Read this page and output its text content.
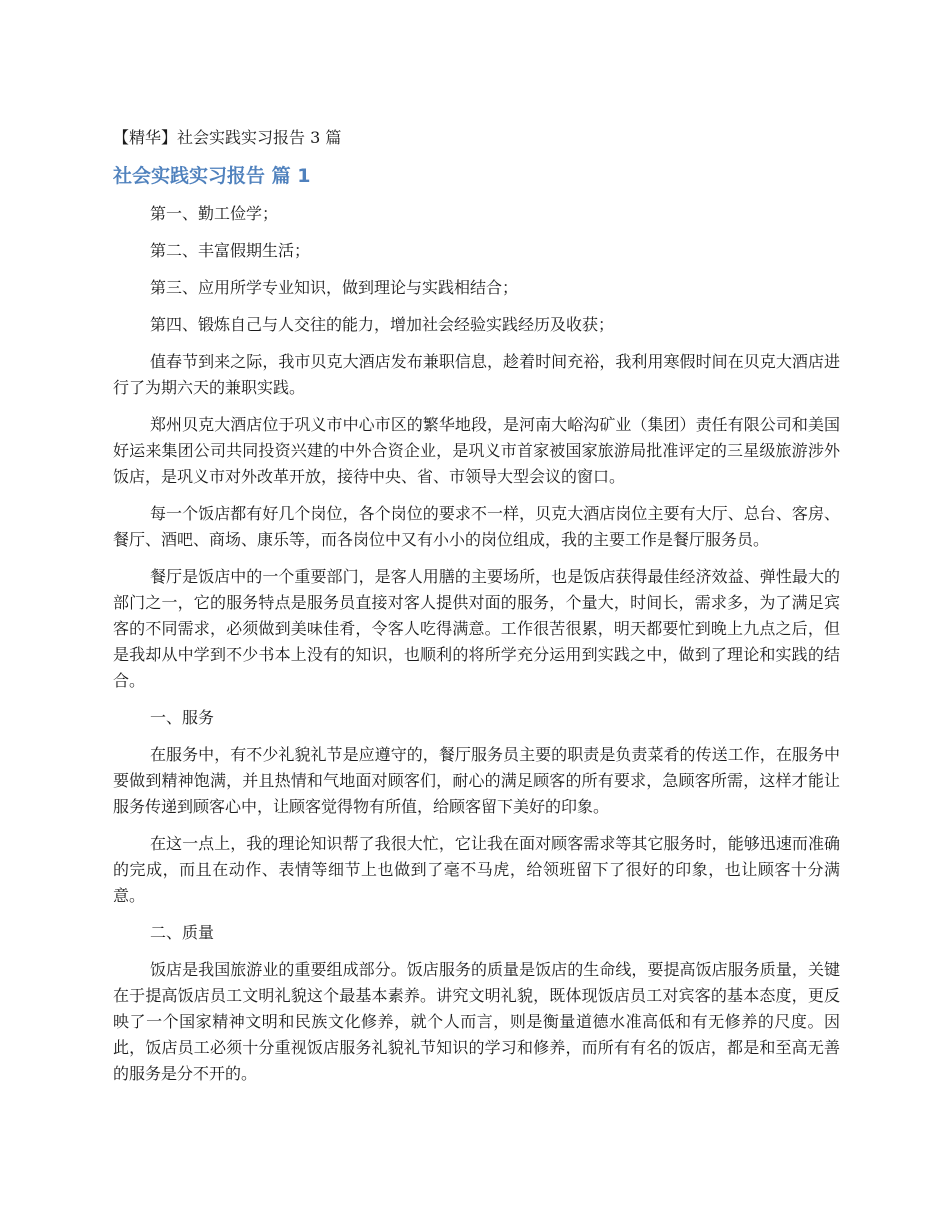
【精华】社会实践实习报告 3 篇
社会实践实习报告 篇 1

第一、勤工俭学；

第二、丰富假期生活；

第三、应用所学专业知识，做到理论与实践相结合；

第四、锻炼自己与人交往的能力，增加社会经验实践经历及收获；

值春节到来之际，我市贝克大酒店发布兼职信息，趁着时间充裕，我利用寒假时间在贝克大酒店进行了为期六天的兼职实践。

郑州贝克大酒店位于巩义市中心市区的繁华地段，是河南大峪沟矿业（集团）责任有限公司和美国好运来集团公司共同投资兴建的中外合资企业，是巩义市首家被国家旅游局批准评定的三星级旅游涉外饭店，是巩义市对外改革开放，接待中央、省、市领导大型会议的窗口。

每一个饭店都有好几个岗位，各个岗位的要求不一样，贝克大酒店岗位主要有大厅、总台、客房、餐厅、酒吧、商场、康乐等，而各岗位中又有小小的岗位组成，我的主要工作是餐厅服务员。

餐厅是饭店中的一个重要部门，是客人用膳的主要场所，也是饭店获得最佳经济效益、弹性最大的部门之一，它的服务特点是服务员直接对客人提供对面的服务，个量大，时间长，需求多，为了满足宾客的不同需求，必须做到美味佳肴，令客人吃得满意。工作很苦很累，明天都要忙到晚上九点之后，但是我却从中学到不少书本上没有的知识，也顺利的将所学充分运用到实践之中，做到了理论和实践的结合。

一、服务

在服务中，有不少礼貌礼节是应遵守的，餐厅服务员主要的职责是负责菜肴的传送工作，在服务中要做到精神饱满，并且热情和气地面对顾客们，耐心的满足顾客的所有要求，急顾客所需，这样才能让服务传递到顾客心中，让顾客觉得物有所值，给顾客留下美好的印象。

在这一点上，我的理论知识帮了我很大忙，它让我在面对顾客需求等其它服务时，能够迅速而准确的完成，而且在动作、表情等细节上也做到了毫不马虎，给领班留下了很好的印象，也让顾客十分满意。

二、质量

饭店是我国旅游业的重要组成部分。饭店服务的质量是饭店的生命线，要提高饭店服务质量，关键在于提高饭店员工文明礼貌这个最基本素养。讲究文明礼貌，既体现饭店员工对宾客的基本态度，更反映了一个国家精神文明和民族文化修养，就个人而言，则是衡量道德水准高低和有无修养的尺度。因此，饭店员工必须十分重视饭店服务礼貌礼节知识的学习和修养，而所有有名的饭店，都是和至高无善的服务是分不开的。
